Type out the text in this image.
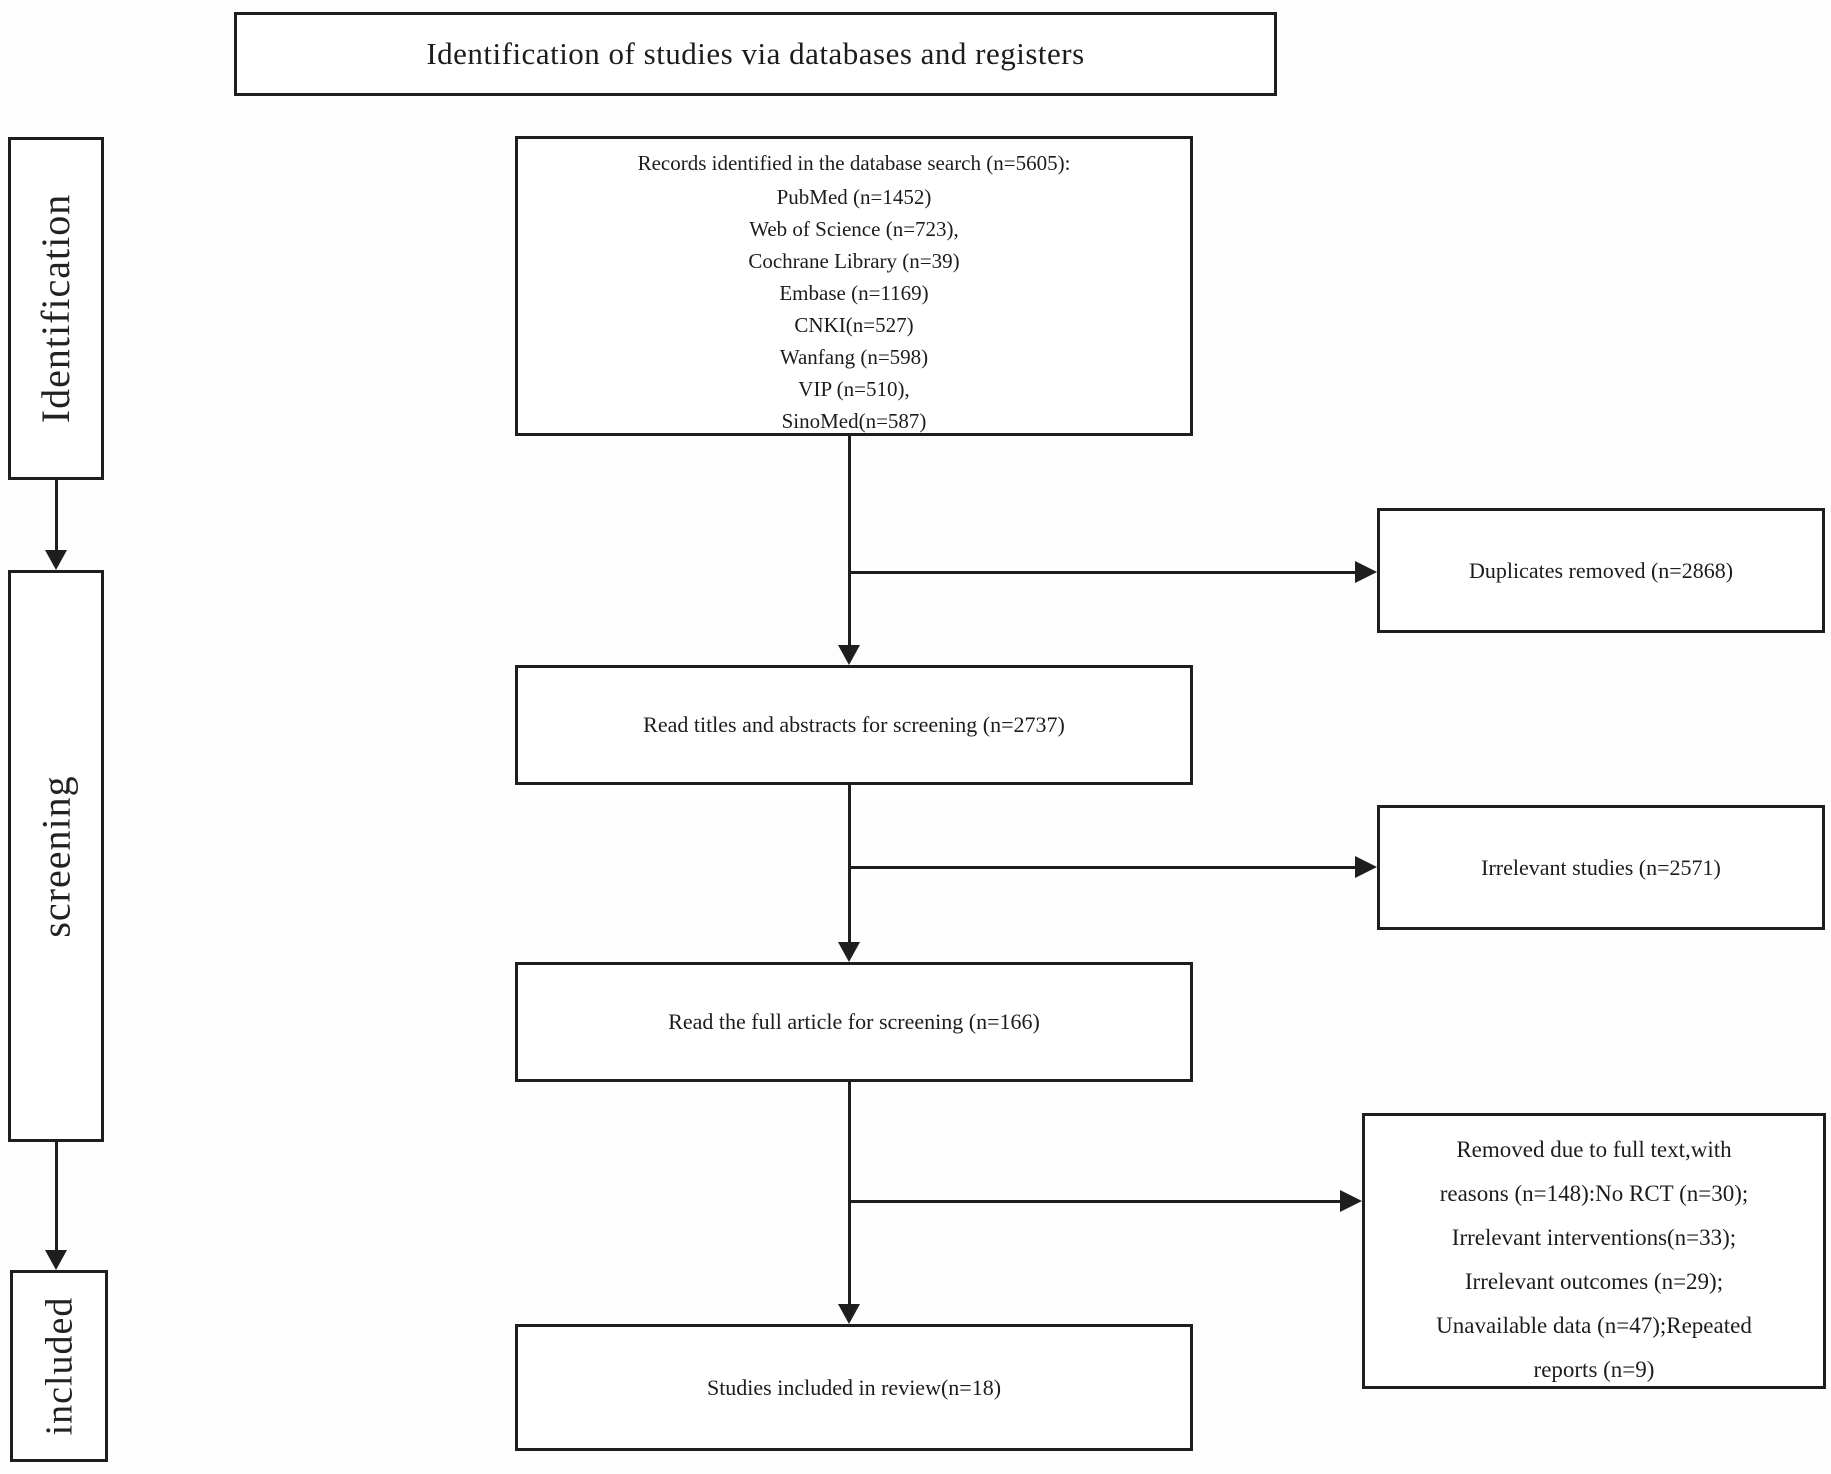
Identification of studies via databases and registers
Identification
screening
included
Records identified in the database search (n=5605):
PubMed (n=1452)
Web of Science (n=723),
Cochrane Library (n=39)
Embase (n=1169)
CNKI(n=527)
Wanfang (n=598)
VIP (n=510),
SinoMed(n=587)
Read titles and abstracts for screening (n=2737)
Read the full article for screening (n=166)
Studies included in review(n=18)
Duplicates removed (n=2868)
Irrelevant studies (n=2571)
Removed due to full text,with
reasons (n=148):No RCT (n=30);
Irrelevant interventions(n=33);
Irrelevant outcomes (n=29);
Unavailable data (n=47);Repeated
reports (n=9)
